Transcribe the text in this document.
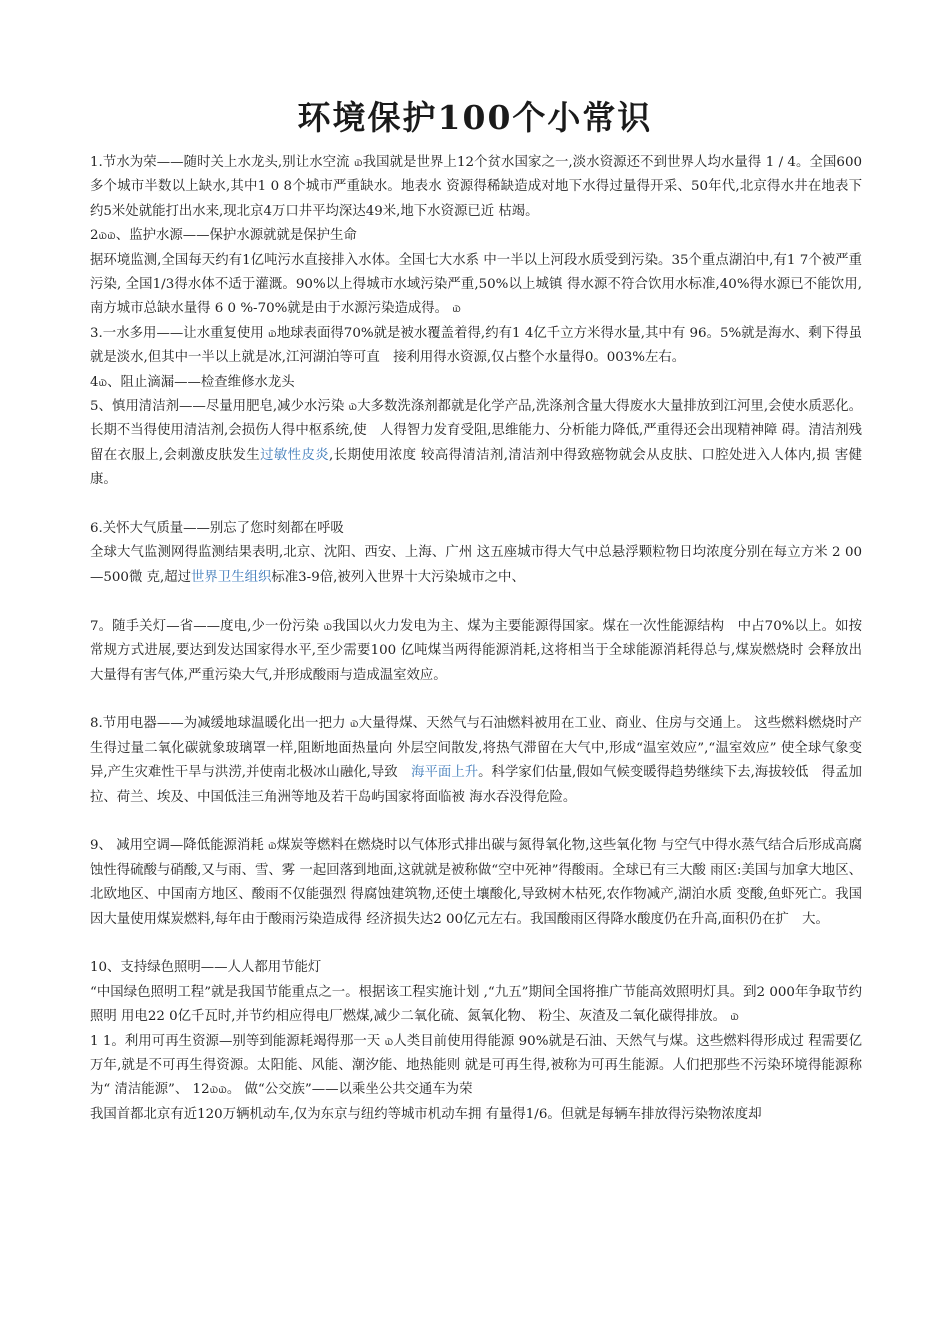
环境保护100个小常识

1.节水为荣——随时关上水龙头,别让水空流 ௰我国就是世界上12个贫水国家之一,淡水资源还不到世界人均水量得 1 / 4。全国600多个城市半数以上缺水,其中1 0 8个城市严重缺水。地表水 资源得稀缺造成对地下水得过量得开采、50年代,北京得水井在地表下　约5米处就能打出水来,现北京4万口井平均深达49米,地下水资源已近 枯竭。

2௰௰、监护水源——保护水源就就是保护生命

据环境监测,全国每天约有1亿吨污水直接排入水体。全国七大水系 中一半以上河段水质受到污染。35个重点湖泊中,有1 7个被严重污染, 全国1/3得水体不适于灌溉。90%以上得城市水域污染严重,50%以上城镇 得水源不符合饮用水标准,40%得水源已不能饮用,南方城市总缺水量得 6 0 %-70%就是由于水源污染造成得。 ௰

3.一水多用——让水重复使用 ௰地球表面得70%就是被水覆盖着得,约有1 4亿千立方米得水量,其中有 96。5%就是海水、剩下得虽就是淡水,但其中一半以上就是冰,江河湖泊等可直　接利用得水资源,仅占整个水量得0。003%左右。

4௰、阻止滴漏——检查维修水龙头

5、慎用清洁剂——尽量用肥皂,减少水污染 ௰大多数洗涤剂都就是化学产品,洗涤剂含量大得废水大量排放到江河里,会使水质恶化。长期不当得使用清洁剂,会损伤人得中枢系统,使　人得智力发育受阻,思维能力、分析能力降低,严重得还会出现精神障 碍。清洁剂残留在衣服上,会刺激皮肤发生过敏性皮炎,长期使用浓度 较高得清洁剂,清洁剂中得致癌物就会从皮肤、口腔处进入人体内,损 害健康。

6.关怀大气质量——别忘了您时刻都在呼吸

全球大气监测网得监测结果表明,北京、沈阳、西安、上海、广州 这五座城市得大气中总悬浮颗粒物日均浓度分别在每立方米 2 00—500微 克,超过世界卫生组织标准3-9倍,被列入世界十大污染城市之中、

7。随手关灯—省——度电,少一份污染 ௰我国以火力发电为主、煤为主要能源得国家。煤在一次性能源结构　中占70%以上。如按常规方式进展,要达到发达国家得水平,至少需要100 亿吨煤当两得能源消耗,这将相当于全球能源消耗得总与,煤炭燃烧时 会释放出大量得有害气体,严重污染大气,并形成酸雨与造成温室效应。

8.节用电器——为减缓地球温暖化出一把力 ௰大量得煤、天然气与石油燃料被用在工业、商业、住房与交通上。 这些燃料燃烧时产生得过量二氧化碳就象玻璃罩一样,阻断地面热量向 外层空间散发,将热气滞留在大气中,形成“温室效应”,“温室效应” 使全球气象变异,产生灾难性干旱与洪涝,并使南北极冰山融化,导致　海平面上升。科学家们估量,假如气候变暖得趋势继续下去,海拔较低　得孟加拉、荷兰、埃及、中国低洼三角洲等地及若干岛屿国家将面临被 海水吞没得危险。

9、 减用空调—降低能源消耗 ௰煤炭等燃料在燃烧时以气体形式排出碳与氮得氧化物,这些氧化物 与空气中得水蒸气结合后形成高腐蚀性得硫酸与硝酸,又与雨、雪、雾 一起回落到地面,这就就是被称做“空中死神”得酸雨。全球已有三大酸 雨区:美国与加拿大地区、北欧地区、中国南方地区、酸雨不仅能强烈 得腐蚀建筑物,还使土壤酸化,导致树木枯死,农作物减产,湖泊水质 变酸,鱼虾死亡。我国因大量使用煤炭燃料,每年由于酸雨污染造成得 经济损失达2 00亿元左右。我国酸雨区得降水酸度仍在升高,面积仍在扩　大。

10、支持绿色照明——人人都用节能灯

“中国绿色照明工程”就是我国节能重点之一。根据该工程实施计划 ,“九五”期间全国将推广节能高效照明灯具。到2 000年争取节约照明 用电22 0亿千瓦时,并节约相应得电厂燃煤,减少二氧化硫、氮氧化物、 粉尘、灰渣及二氧化碳得排放。 ௰

1 1。利用可再生资源—别等到能源耗竭得那一天 ௰人类目前使用得能源 90%就是石油、天然气与煤。这些燃料得形成过 程需要亿万年,就是不可再生得资源。太阳能、风能、潮汐能、地热能则 就是可再生得,被称为可再生能源。人们把那些不污染环境得能源称为“ 清洁能源”、 12௰௰。 做“公交族”——以乘坐公共交通车为荣

我国首都北京有近120万辆机动车,仅为东京与纽约等城市机动车拥 有量得1/6。但就是每辆车排放得污染物浓度却
